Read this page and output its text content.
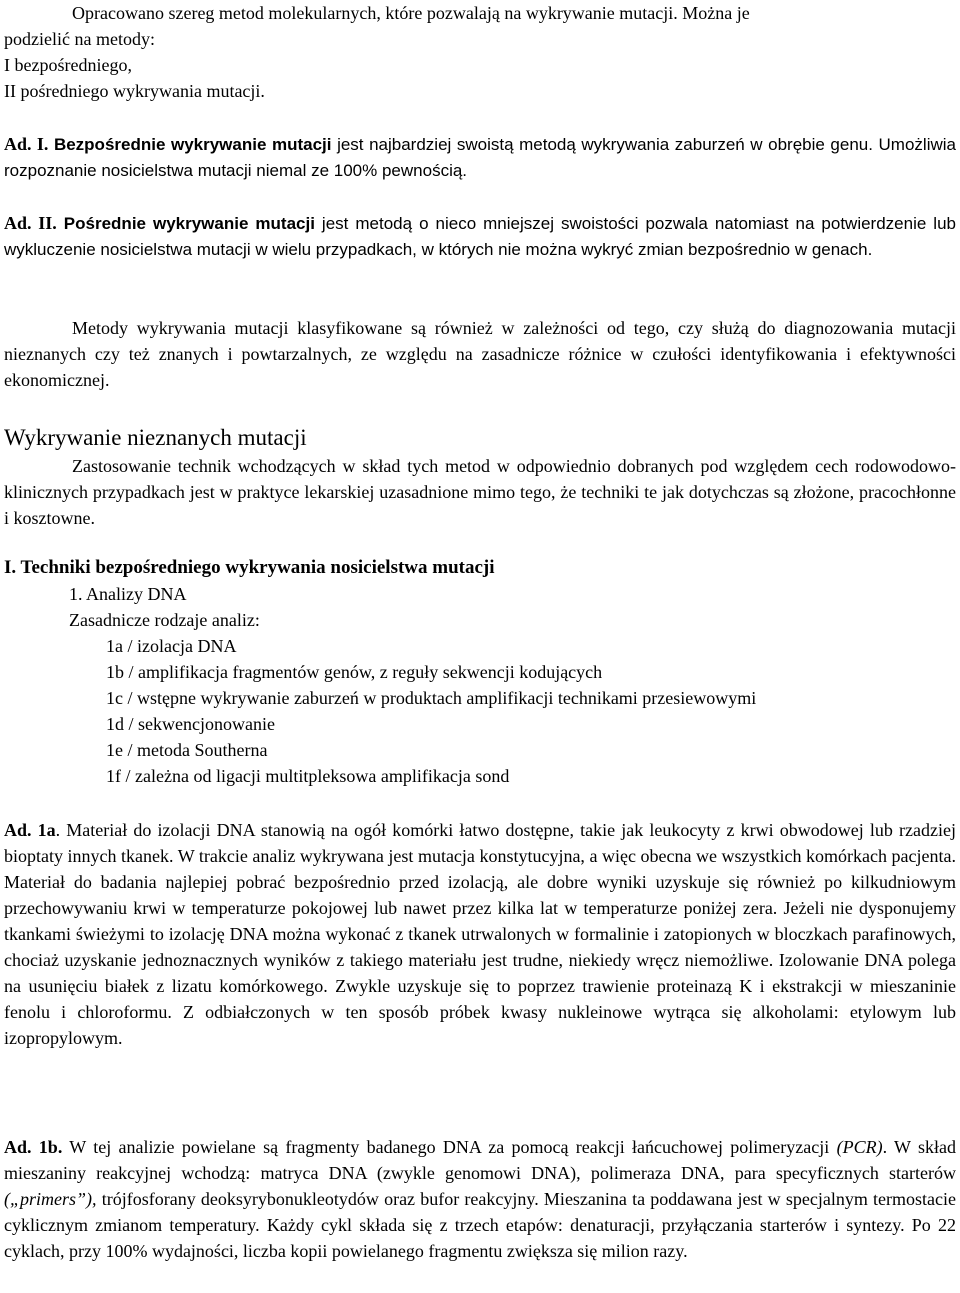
Opracowano szereg metod molekularnych, które pozwalają na wykrywanie mutacji. Można je
podzielić na metody:
I bezpośredniego,
II pośredniego wykrywania mutacji.

Ad. I. Bezpośrednie wykrywanie mutacji jest najbardziej swoistą metodą wykrywania zaburzeń w obrębie genu. Umożliwia rozpoznanie nosicielstwa mutacji niemal ze 100% pewnością.

Ad. II. Pośrednie wykrywanie mutacji jest metodą o nieco mniejszej swoistości pozwala natomiast na potwierdzenie lub wykluczenie nosicielstwa mutacji w wielu przypadkach, w których nie można wykryć zmian bezpośrednio w genach.

Metody wykrywania mutacji klasyfikowane są również w zależności od tego, czy służą do diagnozowania mutacji nieznanych czy też znanych i powtarzalnych, ze względu na zasadnicze różnice w czułości identyfikowania i efektywności ekonomicznej.

Wykrywanie nieznanych mutacji

Zastosowanie technik wchodzących w skład tych metod w odpowiednio dobranych pod względem cech rodowodowo-klinicznych przypadkach jest w praktyce lekarskiej uzasadnione mimo tego, że techniki te jak dotychczas są złożone, pracochłonne i kosztowne.

I. Techniki bezpośredniego wykrywania nosicielstwa mutacji
1. Analizy DNA
Zasadnicze rodzaje analiz:
1a / izolacja DNA
1b / amplifikacja fragmentów genów, z reguły sekwencji kodujących
1c / wstępne wykrywanie zaburzeń w produktach amplifikacji technikami przesiewowymi
1d / sekwencjonowanie
1e / metoda Southerna
1f / zależna od ligacji multitpleksowa amplifikacja sond

Ad. 1a. Materiał do izolacji DNA stanowią na ogół komórki łatwo dostępne, takie jak leukocyty z krwi obwodowej lub rzadziej bioptaty innych tkanek. W trakcie analiz wykrywana jest mutacja konstytucyjna, a więc obecna we wszystkich komórkach pacjenta. Materiał do badania najlepiej pobrać bezpośrednio przed izolacją, ale dobre wyniki uzyskuje się również po kilkudniowym przechowywaniu krwi w temperaturze pokojowej lub nawet przez kilka lat w temperaturze poniżej zera. Jeżeli nie dysponujemy tkankami świeżymi to izolację DNA można wykonać z tkanek utrwalonych w formalinie i zatopionych w bloczkach parafinowych, chociaż uzyskanie jednoznacznych wyników z takiego materiału jest trudne, niekiedy wręcz niemożliwe. Izolowanie DNA polega na usunięciu białek z lizatu komórkowego. Zwykle uzyskuje się to poprzez trawienie proteinazą K i ekstrakcji w mieszaninie fenolu i chloroformu. Z odbiałczonych w ten sposób próbek kwasy nukleinowe wytrąca się alkoholami: etylowym lub izopropylowym.

Ad. 1b. W tej analizie powielane są fragmenty badanego DNA za pomocą reakcji łańcuchowej polimeryzacji (PCR). W skład mieszaniny reakcyjnej wchodzą: matryca DNA (zwykle genomowi DNA), polimeraza DNA, para specyficznych starterów („primers”), trójfosforany deoksyrybonukleotydów oraz bufor reakcyjny. Mieszanina ta poddawana jest w specjalnym termostacie cyklicznym zmianom temperatury. Każdy cykl składa się z trzech etapów: denaturacji, przyłączania starterów i syntezy. Po 22 cyklach, przy 100% wydajności, liczba kopii powielanego fragmentu zwiększa się milion razy.
